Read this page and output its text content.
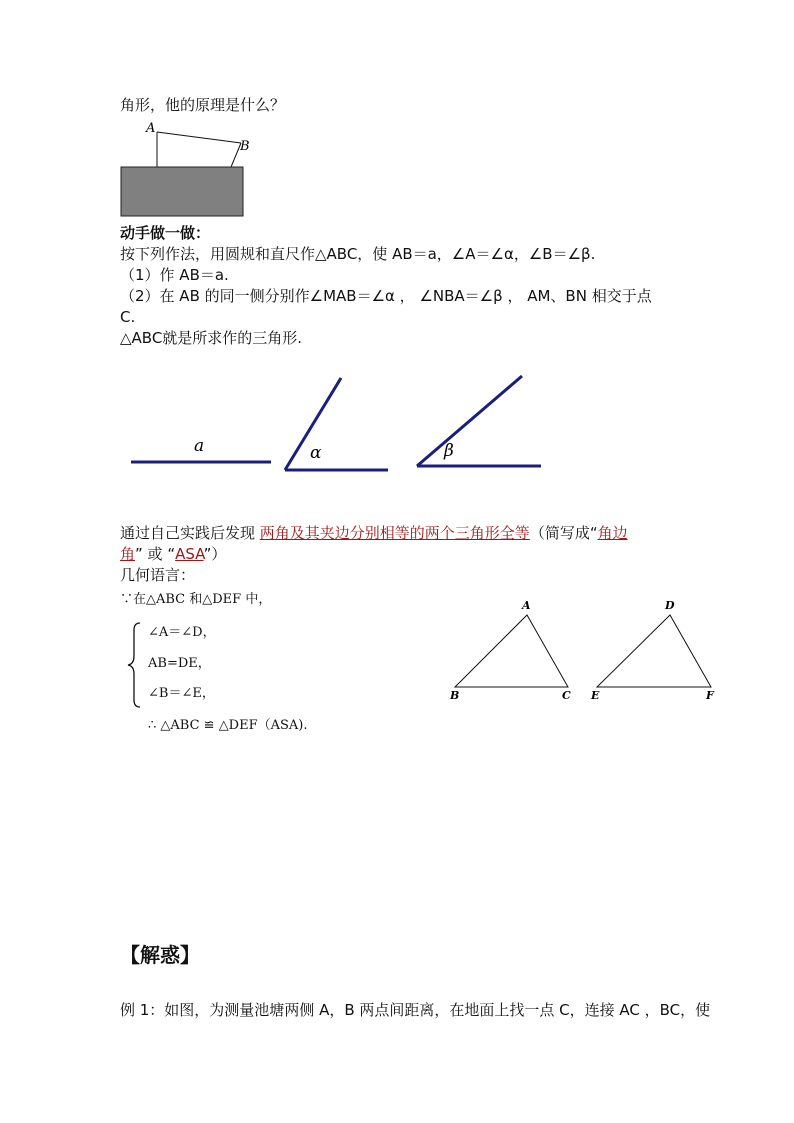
角形，他的原理是什么？
A
B
动手做一做：
按下列作法，用圆规和直尺作△ABC，使 AB＝a，∠A＝∠α，∠B＝∠β.
（1）作 AB＝a.
（2）在 AB 的同一侧分别作∠MAB＝∠α ， ∠NBA＝∠β ， AM、BN 相交于点
C.
△ABC就是所求作的三角形.
a	α	β
通过自己实践后发现 两角及其夹边分别相等的两个三角形全等（简写成“角边
角” 或 “ASA”）
几何语言：
∵在△ABC 和△DEF 中，
∠A＝∠D，
AB=DE，
∠B＝∠E，
∴ △ABC ≌ △DEF（ASA).
A
B	C
D
E	F
【解惑】
例 1：如图，为测量池塘两侧 A，B 两点间距离，在地面上找一点 C，连接 AC ，BC，使
